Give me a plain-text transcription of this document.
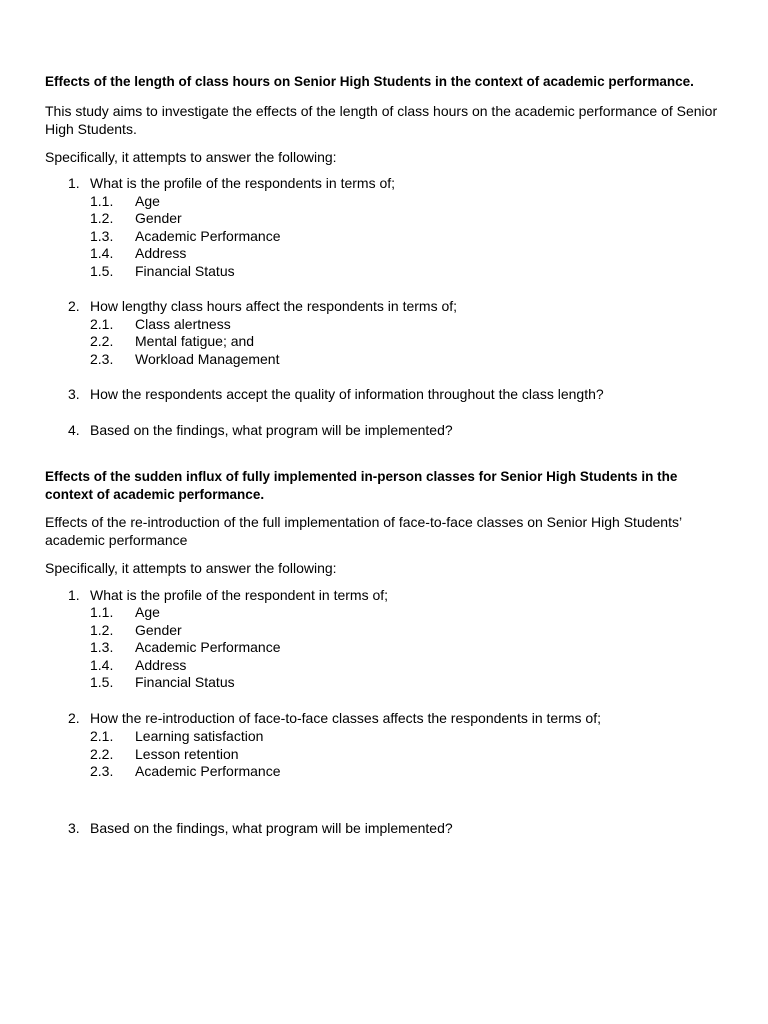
Effects of the length of class hours on Senior High Students in the context of academic performance.
This study aims to investigate the effects of the length of class hours on the academic performance of Senior High Students.
Specifically, it attempts to answer the following:
1. What is the profile of the respondents in terms of;
1.1. Age
1.2. Gender
1.3. Academic Performance
1.4. Address
1.5. Financial Status
2. How lengthy class hours affect the respondents in terms of;
2.1. Class alertness
2.2. Mental fatigue; and
2.3. Workload Management
3. How the respondents accept the quality of information throughout the class length?
4. Based on the findings, what program will be implemented?
Effects of the sudden influx of fully implemented in-person classes for Senior High Students in the context of academic performance.
Effects of the re-introduction of the full implementation of face-to-face classes on Senior High Students’ academic performance
Specifically, it attempts to answer the following:
1. What is the profile of the respondent in terms of;
1.1. Age
1.2. Gender
1.3. Academic Performance
1.4. Address
1.5. Financial Status
2. How the re-introduction of face-to-face classes affects the respondents in terms of;
2.1. Learning satisfaction
2.2. Lesson retention
2.3. Academic Performance
3. Based on the findings, what program will be implemented?
